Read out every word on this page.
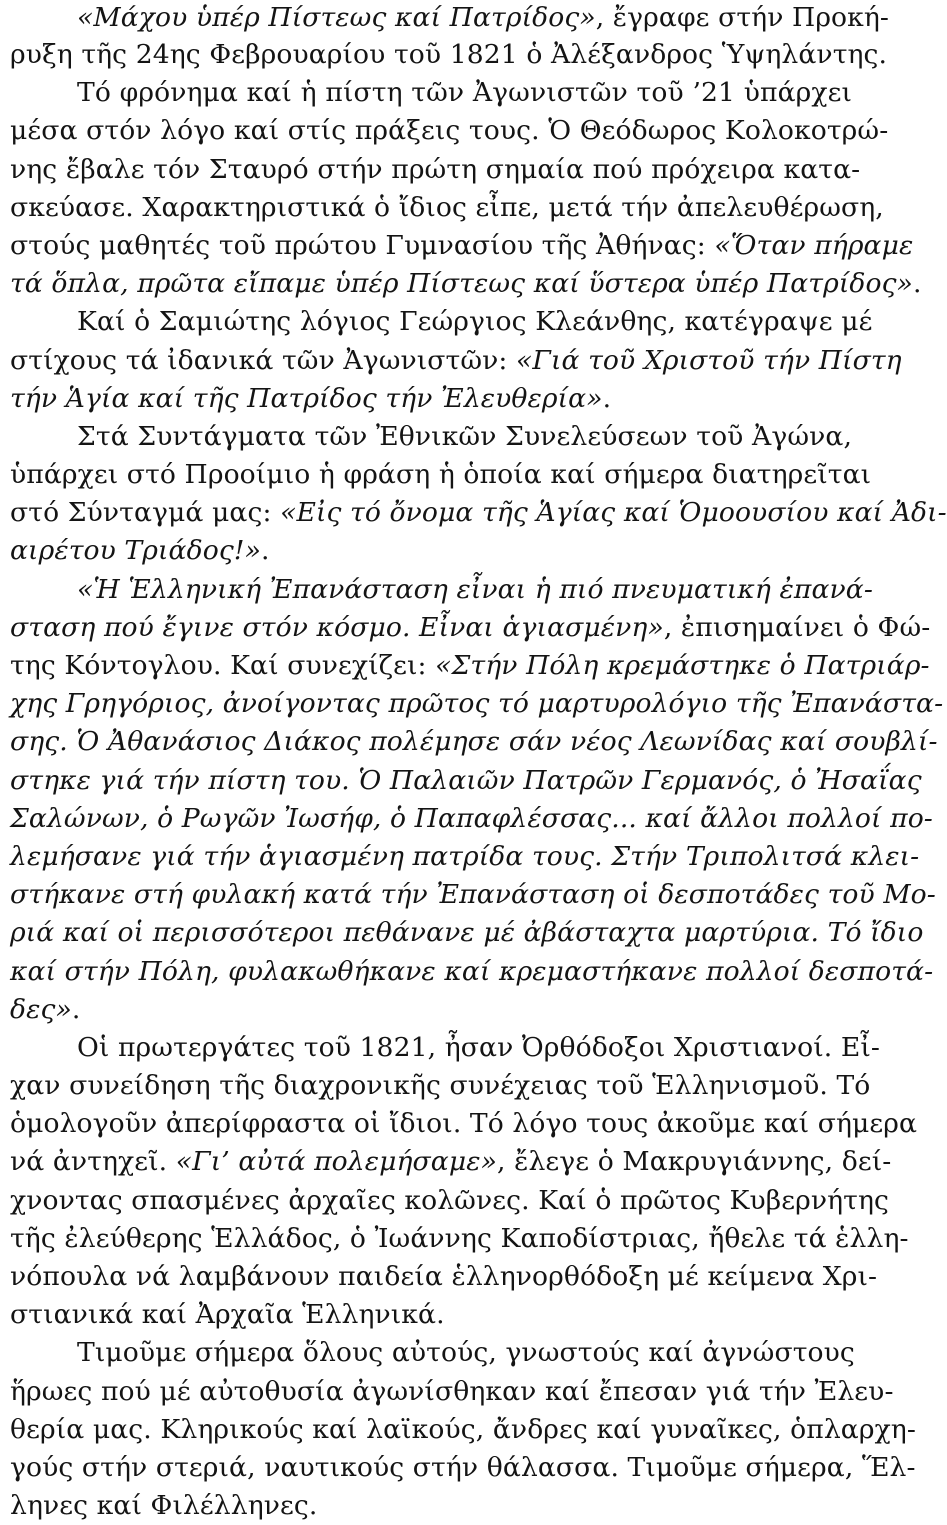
«Μάχου ὑπέρ Πίστεως καί Πατρίδος», ἔγραφε στήν Προκή-
ρυξη τῆς 24ης Φεβρουαρίου τοῦ 1821 ὁ Ἀλέξανδρος Ὑψηλάντης.
Τό φρόνημα καί ἡ πίστη τῶν Ἀγωνιστῶν τοῦ ’21 ὑπάρχει
μέσα στόν λόγο καί στίς πράξεις τους. Ὁ Θεόδωρος Κολοκοτρώ-
νης ἔβαλε τόν Σταυρό στήν πρώτη σημαία πού πρόχειρα κατα-
σκεύασε. Χαρακτηριστικά ὁ ἴδιος εἶπε, μετά τήν ἀπελευθέρωση,
στούς μαθητές τοῦ πρώτου Γυμνασίου τῆς Ἀθήνας: «Ὅταν πήραμε
τά ὅπλα, πρῶτα εἴπαμε ὑπέρ Πίστεως καί ὕστερα ὑπέρ Πατρίδος».
Καί ὁ Σαμιώτης λόγιος Γεώργιος Κλεάνθης, κατέγραψε μέ
στίχους τά ἰδανικά τῶν Ἀγωνιστῶν: «Γιά τοῦ Χριστοῦ τήν Πίστη
τήν Ἁγία καί τῆς Πατρίδος τήν Ἐλευθερία».
Στά Συντάγματα τῶν Ἐθνικῶν Συνελεύσεων τοῦ Ἀγώνα,
ὑπάρχει στό Προοίμιο ἡ φράση ἡ ὁποία καί σήμερα διατηρεῖται
στό Σύνταγμά μας: «Εἰς τό ὄνομα τῆς Ἁγίας καί Ὁμοουσίου καί Ἀδι-
αιρέτου Τριάδος!».
«Ἡ Ἑλληνική Ἐπανάσταση εἶναι ἡ πιό πνευματική ἐπανά-
σταση πού ἔγινε στόν κόσμο. Εἶναι ἁγιασμένη», ἐπισημαίνει ὁ Φώ-
της Κόντογλου. Καί συνεχίζει: «Στήν Πόλη κρεμάστηκε ὁ Πατριάρ-
χης Γρηγόριος, ἀνοίγοντας πρῶτος τό μαρτυρολόγιο τῆς Ἐπανάστα-
σης. Ὁ Ἀθανάσιος Διάκος πολέμησε σάν νέος Λεωνίδας καί σουβλί-
στηκε γιά τήν πίστη του. Ὁ Παλαιῶν Πατρῶν Γερμανός, ὁ Ἠσαΐας
Σαλώνων, ὁ Ρωγῶν Ἰωσήφ, ὁ Παπαφλέσσας... καί ἄλλοι πολλοί πο-
λεμήσανε γιά τήν ἁγιασμένη πατρίδα τους. Στήν Τριπολιτσά κλει-
στήκανε στή φυλακή κατά τήν Ἐπανάσταση οἱ δεσποτάδες τοῦ Μο-
ριά καί οἱ περισσότεροι πεθάνανε μέ ἀβάσταχτα μαρτύρια. Τό ἴδιο
καί στήν Πόλη, φυλακωθήκανε καί κρεμαστήκανε πολλοί δεσποτά-
δες».
Οἱ πρωτεργάτες τοῦ 1821, ἦσαν Ὀρθόδοξοι Χριστιανοί. Εἶ-
χαν συνείδηση τῆς διαχρονικῆς συνέχειας τοῦ Ἑλληνισμοῦ. Τό
ὁμολογοῦν ἀπερίφραστα οἱ ἴδιοι. Τό λόγο τους ἀκοῦμε καί σήμερα
νά ἀντηχεῖ. «Γι’ αὐτά πολεμήσαμε», ἔλεγε ὁ Μακρυγιάννης, δεί-
χνοντας σπασμένες ἀρχαῖες κολῶνες. Καί ὁ πρῶτος Κυβερνήτης
τῆς ἐλεύθερης Ἑλλάδος, ὁ Ἰωάννης Καποδίστριας, ἤθελε τά ἑλλη-
νόπουλα νά λαμβάνουν παιδεία ἑλληνορθόδοξη μέ κείμενα Χρι-
στιανικά καί Ἀρχαῖα Ἑλληνικά.
Τιμοῦμε σήμερα ὅλους αὐτούς, γνωστούς καί ἀγνώστους
ἥρωες πού μέ αὐτοθυσία ἀγωνίσθηκαν καί ἔπεσαν γιά τήν Ἐλευ-
θερία μας. Κληρικούς καί λαϊκούς, ἄνδρες καί γυναῖκες, ὁπλαρχη-
γούς στήν στεριά, ναυτικούς στήν θάλασσα. Τιμοῦμε σήμερα, Ἕλ-
ληνες καί Φιλέλληνες.
